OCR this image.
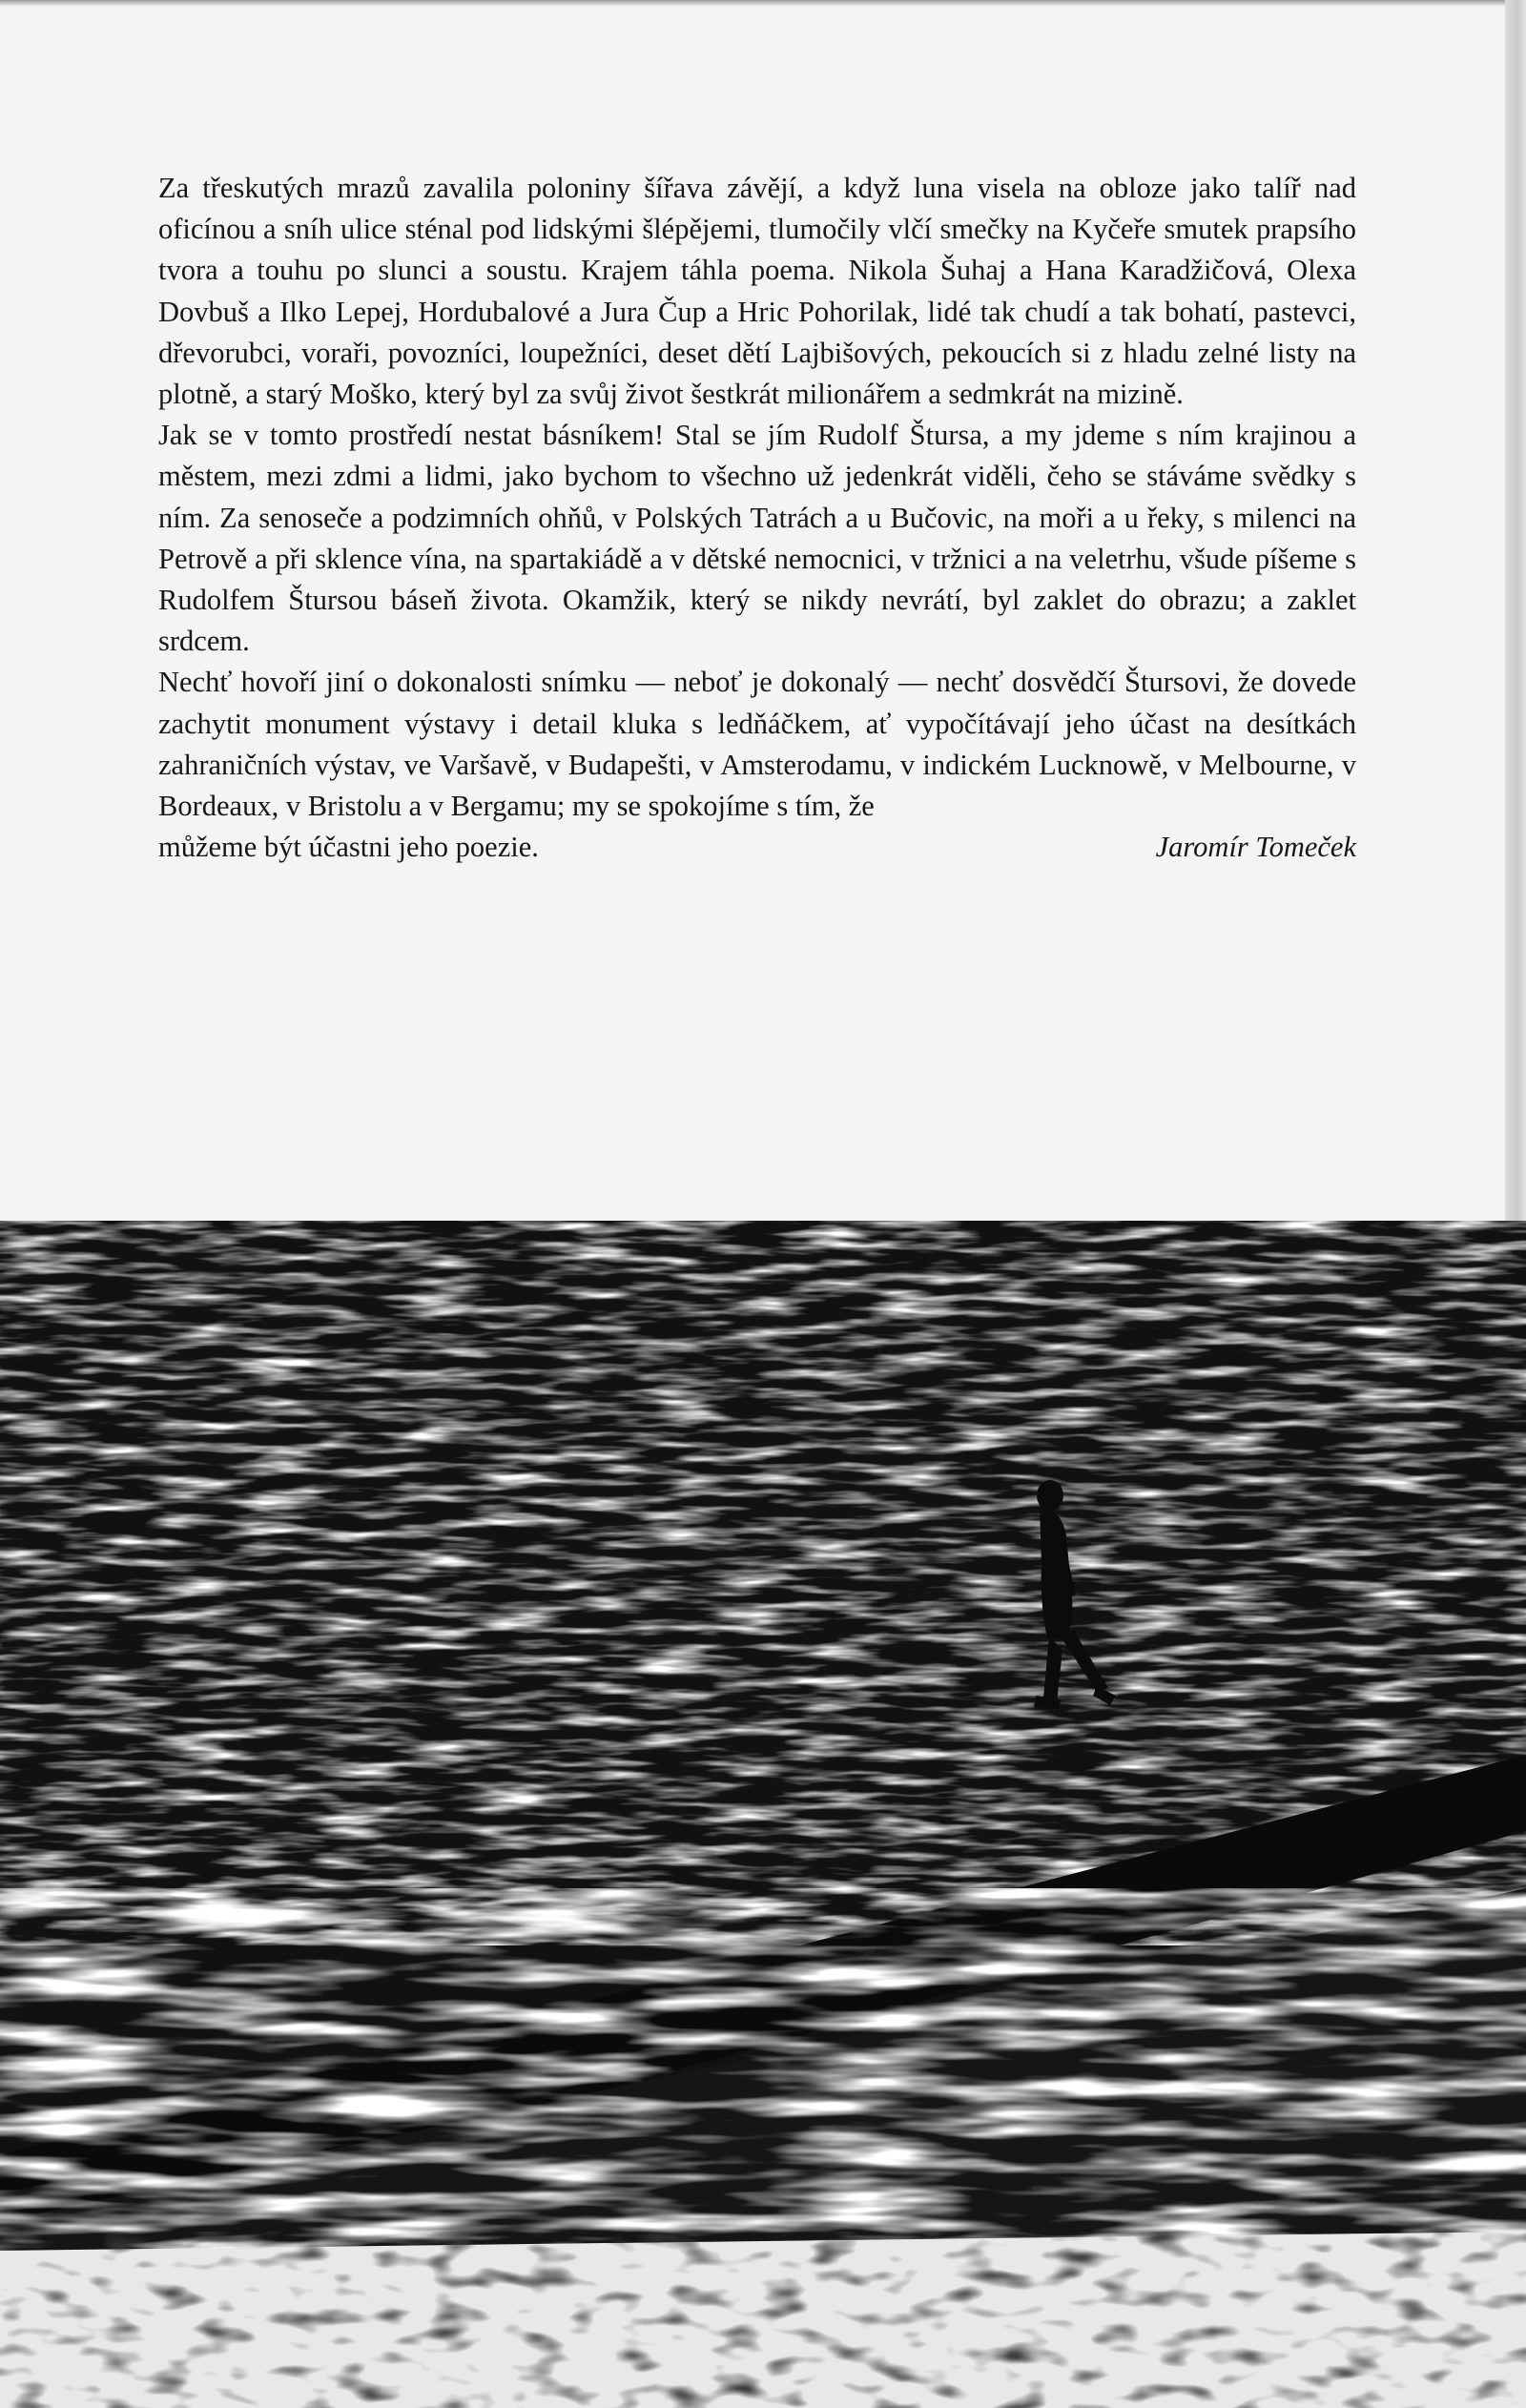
Za třeskutých mrazů zavalila poloniny šířava závějí, a když luna visela na obloze jako talíř nad oficínou a sníh ulice sténal pod lidskými šlépějemi, tlumočily vlčí smečky na Kyčeře smutek prapsího tvora a touhu po slunci a soustu. Krajem táhla poema. Nikola Šuhaj a Hana Karadžičová, Olexa Dovbuš a Ilko Lepej, Hordubalové a Jura Čup a Hric Pohorilak, lidé tak chudí a tak bohatí, pastevci, dřevorubci, voraři, povozníci, loupežníci, deset dětí Lajbišových, pekoucích si z hladu zelné listy na plotně, a starý Moško, který byl za svůj život šestkrát milionářem a sedmkrát na mizině.

Jak se v tomto prostředí nestat básníkem! Stal se jím Rudolf Štursa, a my jdeme s ním krajinou a městem, mezi zdmi a lidmi, jako bychom to všechno už jedenkrát viděli, čeho se stáváme svědky s ním. Za senoseče a podzimních ohňů, v Polských Tatrách a u Bučovic, na moři a u řeky, s milenci na Petrově a při sklence vína, na spartakiádě a v dětské nemocnici, v tržnici a na veletrhu, všude píšeme s Rudolfem Štursou báseň života. Okamžik, který se nikdy nevrátí, byl zaklet do obrazu; a zaklet srdcem.

Nechť hovoří jiní o dokonalosti snímku — neboť je dokonalý — nechť dosvědčí Štursovi, že dovede zachytit monument výstavy i detail kluka s ledňáčkem, ať vypočítávají jeho účast na desítkách zahraničních výstav, ve Varšavě, v Budapešti, v Amsterodamu, v indickém Lucknowě, v Melbourne, v Bordeaux, v Bristolu a v Bergamu; my se spokojíme s tím, že

můžeme být účastni jeho poezie.	Jaromír Tomeček
